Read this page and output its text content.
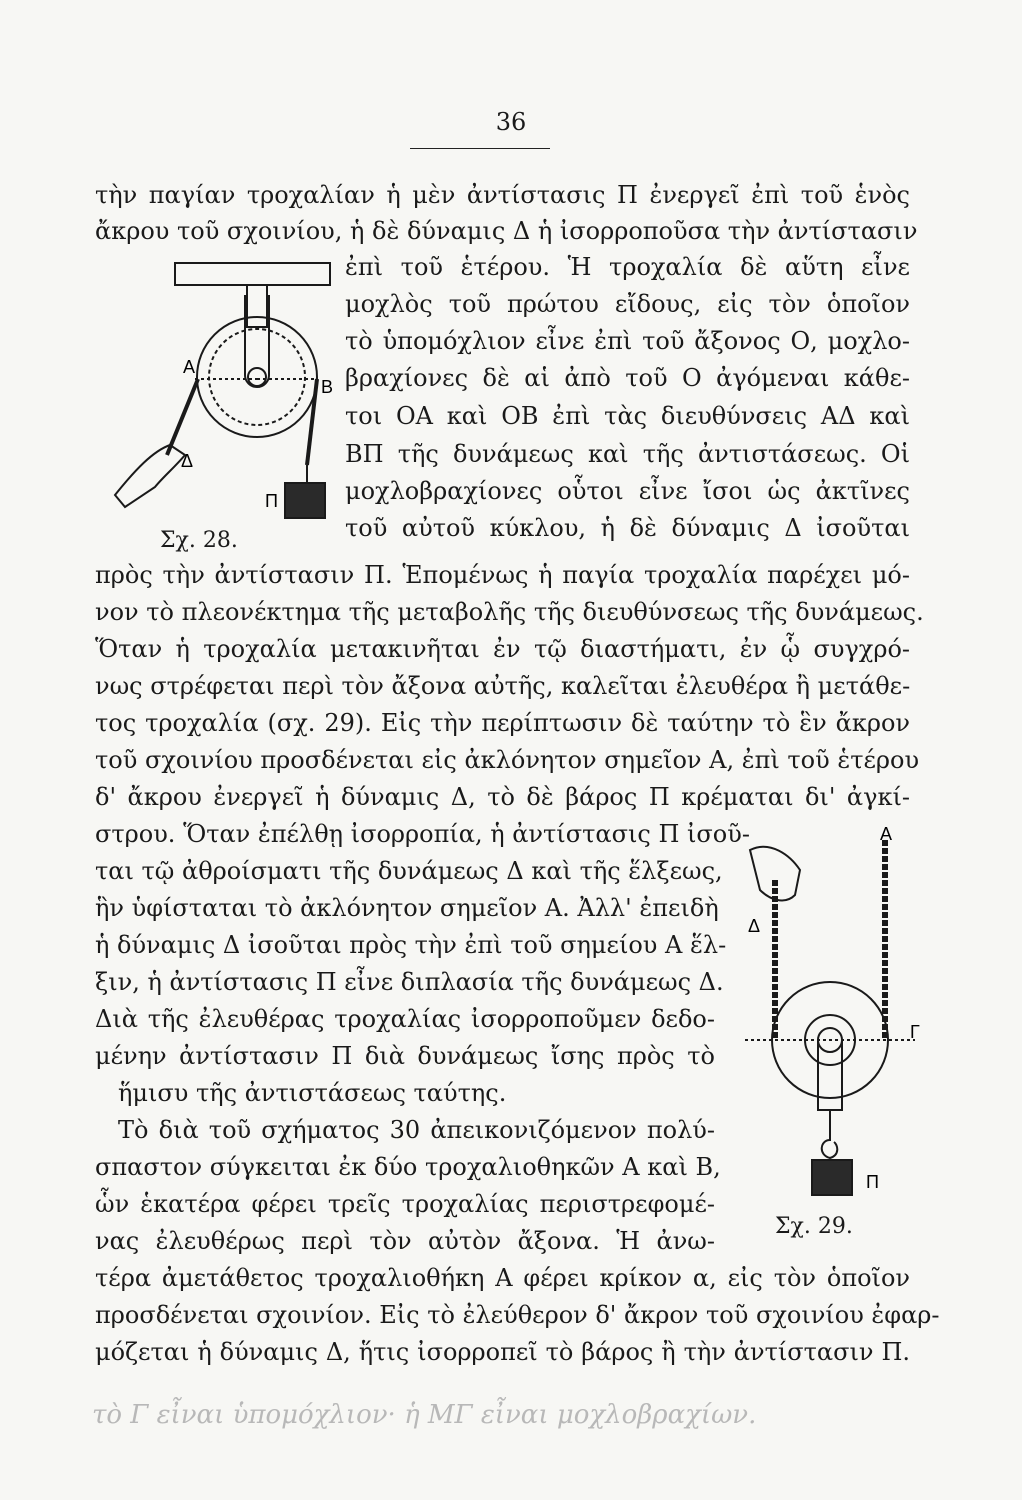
36
τὴν παγίαν τροχαλίαν ἡ μὲν ἀντίστασις Π ἐνεργεῖ ἐπὶ τοῦ ἑνὸς
ἄκρου τοῦ σχοινίου, ἡ δὲ δύναμις Δ ἡ ἰσορροποῦσα τὴν ἀντίστασιν
ἐπὶ τοῦ ἑτέρου. Ἡ τροχαλία δὲ αὕτη εἶνε
μοχλὸς τοῦ πρώτου εἴδους, εἰς τὸν ὁποῖον
τὸ ὑπομόχλιον εἶνε ἐπὶ τοῦ ἄξονος Ο, μοχλο-
βραχίονες δὲ αἱ ἀπὸ τοῦ Ο ἀγόμεναι κάθε-
τοι ΟΑ καὶ ΟΒ ἐπὶ τὰς διευθύνσεις ΑΔ καὶ
ΒΠ τῆς δυνάμεως καὶ τῆς ἀντιστάσεως. Οἱ
μοχλοβραχίονες οὗτοι εἶνε ἴσοι ὡς ἀκτῖνες
τοῦ αὐτοῦ κύκλου, ἡ δὲ δύναμις Δ ἰσοῦται
Α
Β
Δ
Π
Σχ. 28.
πρὸς τὴν ἀντίστασιν Π. Ἑπομένως ἡ παγία τροχαλία παρέχει μό-
νον τὸ πλεονέκτημα τῆς μεταβολῆς τῆς διευθύνσεως τῆς δυνάμεως.
Ὅταν ἡ τροχαλία μετακινῆται ἐν τῷ διαστήματι, ἐν ᾧ συγχρό-
νως στρέφεται περὶ τὸν ἄξονα αὐτῆς, καλεῖται ἐλευθέρα ἢ μετάθε-
τος τροχαλία (σχ. 29). Εἰς τὴν περίπτωσιν δὲ ταύτην τὸ ἓν ἄκρον
τοῦ σχοινίου προσδένεται εἰς ἀκλόνητον σημεῖον Α, ἐπὶ τοῦ ἑτέρου
δ' ἄκρου ἐνεργεῖ ἡ δύναμις Δ, τὸ δὲ βάρος Π κρέμαται δι' ἀγκί-
στρου. Ὅταν ἐπέλθῃ ἰσορροπία, ἡ ἀντίστασις Π ἰσοῦ-
ται τῷ ἀθροίσματι τῆς δυνάμεως Δ καὶ τῆς ἕλξεως,
ἣν ὑφίσταται τὸ ἀκλόνητον σημεῖον Α. Ἀλλ' ἐπειδὴ
ἡ δύναμις Δ ἰσοῦται πρὸς τὴν ἐπὶ τοῦ σημείου Α ἕλ-
ξιν, ἡ ἀντίστασις Π εἶνε διπλασία τῆς δυνάμεως Δ.
Διὰ τῆς ἐλευθέρας τροχαλίας ἰσορροποῦμεν δεδο-
μένην ἀντίστασιν Π διὰ δυνάμεως ἴσης πρὸς τὸ
ἥμισυ τῆς ἀντιστάσεως ταύτης.
Τὸ διὰ τοῦ σχήματος 30 ἀπεικονιζόμενον πολύ-
σπαστον σύγκειται ἐκ δύο τροχαλιοθηκῶν Α καὶ Β,
ὧν ἑκατέρα φέρει τρεῖς τροχαλίας περιστρεφομέ-
νας ἐλευθέρως περὶ τὸν αὐτὸν ἄξονα. Ἡ ἀνω-
Α
Δ
Γ
Π
Σχ. 29.
τέρα ἀμετάθετος τροχαλιοθήκη Α φέρει κρίκον α, εἰς τὸν ὁποῖον
προσδένεται σχοινίον. Εἰς τὸ ἐλεύθερον δ' ἄκρον τοῦ σχοινίου ἐφαρ-
μόζεται ἡ δύναμις Δ, ἥτις ἰσορροπεῖ τὸ βάρος ἢ τὴν ἀντίστασιν Π.
τὸ Γ εἶναι ὑπομόχλιον· ἡ ΜΓ εἶναι μοχλοβραχίων.
